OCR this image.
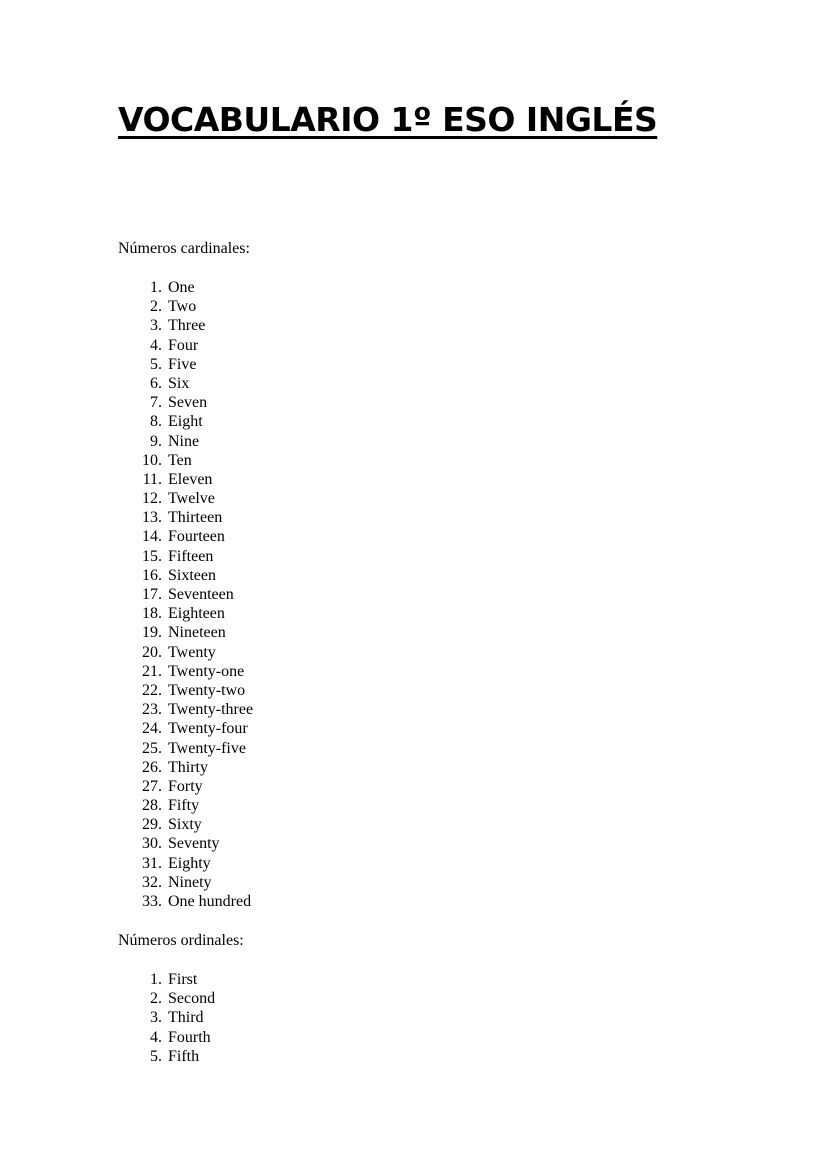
VOCABULARIO 1º ESO INGLÉS

Números cardinales:

1. One
2. Two
3. Three
4. Four
5. Five
6. Six
7. Seven
8. Eight
9. Nine
10. Ten
11. Eleven
12. Twelve
13. Thirteen
14. Fourteen
15. Fifteen
16. Sixteen
17. Seventeen
18. Eighteen
19. Nineteen
20. Twenty
21. Twenty-one
22. Twenty-two
23. Twenty-three
24. Twenty-four
25. Twenty-five
26. Thirty
27. Forty
28. Fifty
29. Sixty
30. Seventy
31. Eighty
32. Ninety
33. One hundred

Números ordinales:

1. First
2. Second
3. Third
4. Fourth
5. Fifth
